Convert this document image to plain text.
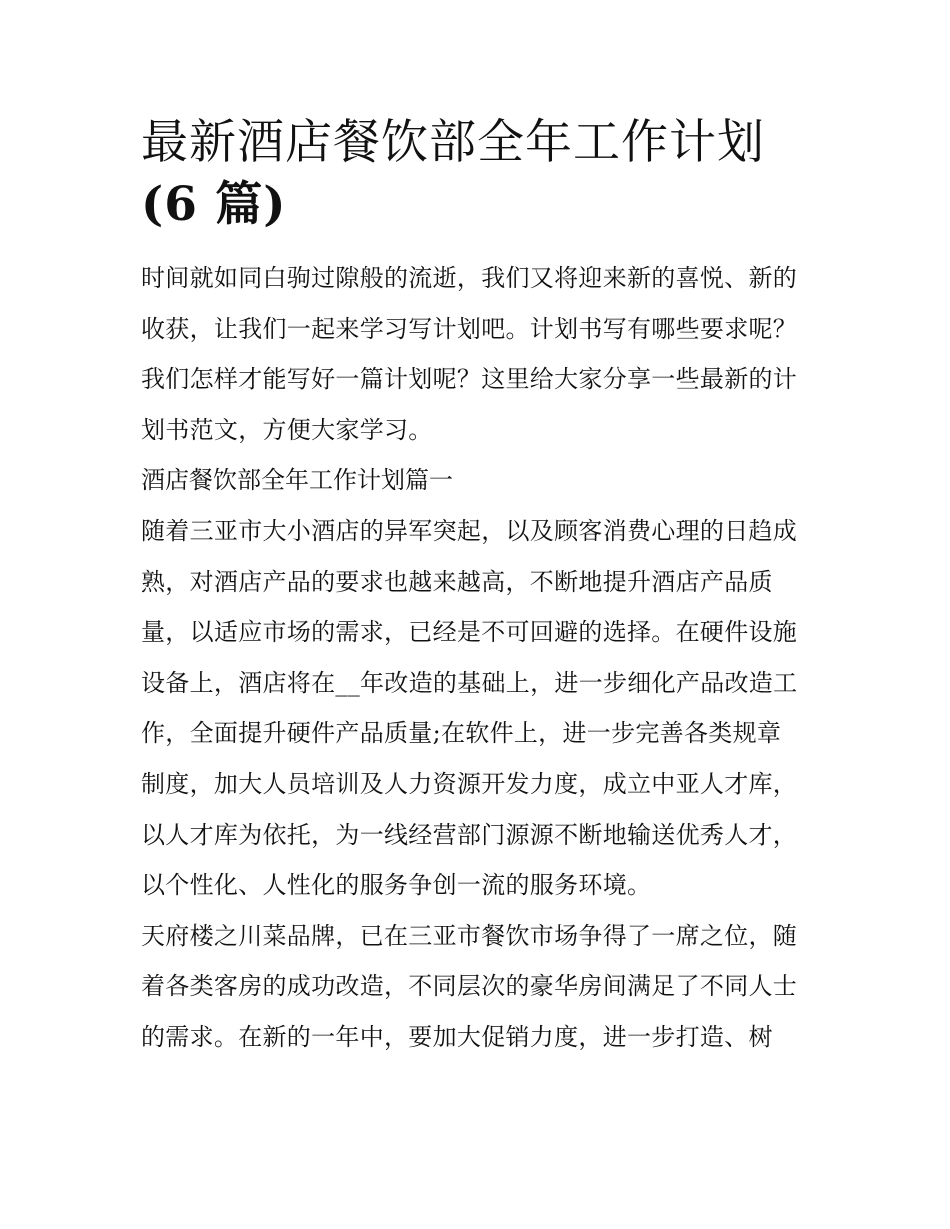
最新酒店餐饮部全年工作计划
(6 篇)

时间就如同白驹过隙般的流逝，我们又将迎来新的喜悦、新的
收获，让我们一起来学习写计划吧。计划书写有哪些要求呢？
我们怎样才能写好一篇计划呢？这里给大家分享一些最新的计
划书范文，方便大家学习。

酒店餐饮部全年工作计划篇一

随着三亚市大小酒店的异军突起，以及顾客消费心理的日趋成
熟，对酒店产品的要求也越来越高，不断地提升酒店产品质
量，以适应市场的需求，已经是不可回避的选择。在硬件设施
设备上，酒店将在__年改造的基础上，进一步细化产品改造工
作，全面提升硬件产品质量;在软件上，进一步完善各类规章
制度，加大人员培训及人力资源开发力度，成立中亚人才库，
以人才库为依托，为一线经营部门源源不断地输送优秀人才，
以个性化、人性化的服务争创一流的服务环境。

天府楼之川菜品牌，已在三亚市餐饮市场争得了一席之位，随
着各类客房的成功改造，不同层次的豪华房间满足了不同人士
的需求。在新的一年中，要加大促销力度，进一步打造、树
